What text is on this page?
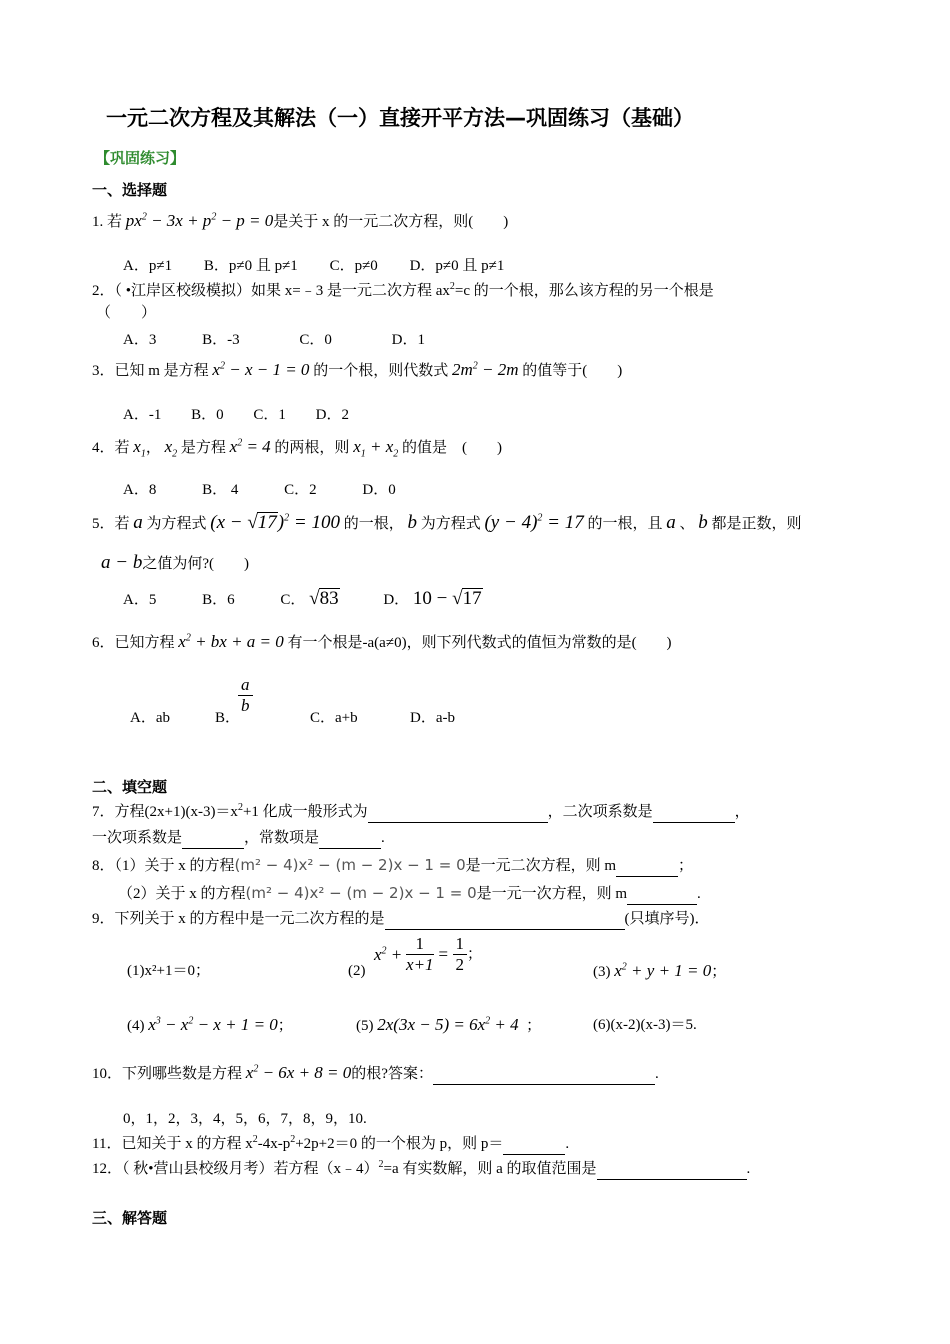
一元二次方程及其解法（一）直接开平方法—巩固练习（基础）
【巩固练习】
一、选择题
1. 若 $px^2 - 3x + p^2 - p = 0$是关于 x 的一元二次方程，则(　　)
A．p≠1 B．p≠0 且 p≠1 C．p≠0 D．p≠0 且 p≠1
2．（ •江岸区校级模拟）如果 x=﹣3 是一元二次方程 $ax^2=c$ 的一个根，那么该方程的另一个根是
（　　）
A．3	B．-3	C．0	D．1
3．已知 m 是方程 $x^2 - x - 1 = 0$ 的一个根，则代数式 $2m^2 - 2m$ 的值等于(　　)
A．-1 B．0 C．1 D．2
4．若 $x_1$， $x_2$ 是方程 $x^2 = 4$ 的两根，则 $x_1 + x_2$ 的值是　(　　)
A．8	B． 4	C．2	D．0
5．若 a 为方程式 $(x - √17)^2 = 100$ 的一根， b 为方程式 $(y - 4)^2 = 17$ 的一根，且 a 、 b 都是正数，则
a − b之值为何?(　　)
A．5	B．6	C． √83	D． 10 − √17
6．已知方程 $x^2$ + bx + a = 0 有一个根是-a(a≠0)，则下列代数式的值恒为常数的是(　　)
A．ab	B．
$\frac{a}{b}$
C．a+b	D．a-b
二、填空题
7．方程$(2x+1)(x-3)=x^2+1$ 化成一般形式为	，二次项系数是	，
一次项系数是	，常数项是	.
8．（1）关于 x 的方程(m² − 4)x² − (m − 2)x − 1 = 0是一元二次方程，则 m	；
（2）关于 x 的方程(m² − 4)x² − (m − 2)x − 1 = 0是一元一次方程，则 m	.
9．下列关于 x 的方程中是一元二次方程的是	(只填序号)．
(1)x²+1＝0；	(2)
$x^2 + \frac{1}{x+1} = \frac{1}{2}$ ；
(3) $x^2 + y + 1 = 0$；
(4) $x^3 - x^2 - x + 1 = 0$；	(5) $2x(3x - 5) = 6x^2 + 4$ ；	(6)(x-2)(x-3)＝5.
10．下列哪些数是方程 $x^2 - 6x + 8 = 0$的根?答案：	.
0，1，2，3，4，5，6，7，8，9，10.
11．已知关于 x 的方程 $x^2-4x-p^2+2p+2=0$ 的一个根为 p，则 p＝	.
12．（ 秋•营山县校级月考）若方程（x﹣4）$^2$=a 有实数解，则 a 的取值范围是	.
三、解答题
